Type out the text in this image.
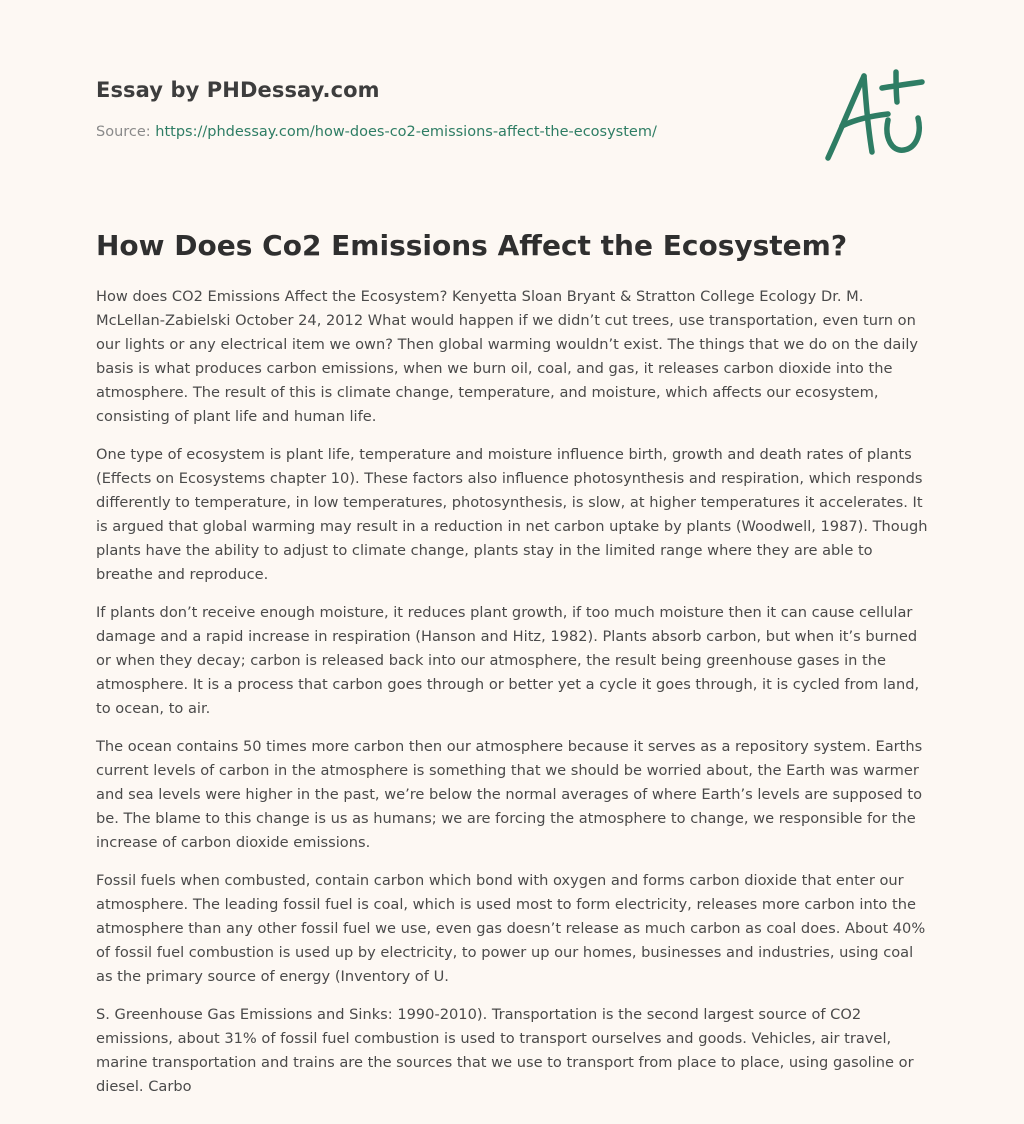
Essay by PHDessay.com
Source: https://phdessay.com/how-does-co2-emissions-affect-the-ecosystem/
How Does Co2 Emissions Affect the Ecosystem?

How does CO2 Emissions Affect the Ecosystem? Kenyetta Sloan Bryant & Stratton College Ecology Dr. M. McLellan-Zabielski October 24, 2012 What would happen if we didn’t cut trees, use transportation, even turn on our lights or any electrical item we own? Then global warming wouldn’t exist. The things that we do on the daily basis is what produces carbon emissions, when we burn oil, coal, and gas, it releases carbon dioxide into the atmosphere. The result of this is climate change, temperature, and moisture, which affects our ecosystem, consisting of plant life and human life.

One type of ecosystem is plant life, temperature and moisture influence birth, growth and death rates of plants (Effects on Ecosystems chapter 10). These factors also influence photosynthesis and respiration, which responds differently to temperature, in low temperatures, photosynthesis, is slow, at higher temperatures it accelerates. It is argued that global warming may result in a reduction in net carbon uptake by plants (Woodwell, 1987). Though plants have the ability to adjust to climate change, plants stay in the limited range where they are able to breathe and reproduce.

If plants don’t receive enough moisture, it reduces plant growth, if too much moisture then it can cause cellular damage and a rapid increase in respiration (Hanson and Hitz, 1982). Plants absorb carbon, but when it’s burned or when they decay; carbon is released back into our atmosphere, the result being greenhouse gases in the atmosphere. It is a process that carbon goes through or better yet a cycle it goes through, it is cycled from land, to ocean, to air.

The ocean contains 50 times more carbon then our atmosphere because it serves as a repository system. Earths current levels of carbon in the atmosphere is something that we should be worried about, the Earth was warmer and sea levels were higher in the past, we’re below the normal averages of where Earth’s levels are supposed to be. The blame to this change is us as humans; we are forcing the atmosphere to change, we responsible for the increase of carbon dioxide emissions.

Fossil fuels when combusted, contain carbon which bond with oxygen and forms carbon dioxide that enter our atmosphere. The leading fossil fuel is coal, which is used most to form electricity, releases more carbon into the atmosphere than any other fossil fuel we use, even gas doesn’t release as much carbon as coal does. About 40% of fossil fuel combustion is used up by electricity, to power up our homes, businesses and industries, using coal as the primary source of energy (Inventory of U.

S. Greenhouse Gas Emissions and Sinks: 1990-2010). Transportation is the second largest source of CO2 emissions, about 31% of fossil fuel combustion is used to transport ourselves and goods. Vehicles, air travel, marine transportation and trains are the sources that we use to transport from place to place, using gasoline or diesel. Carbo
